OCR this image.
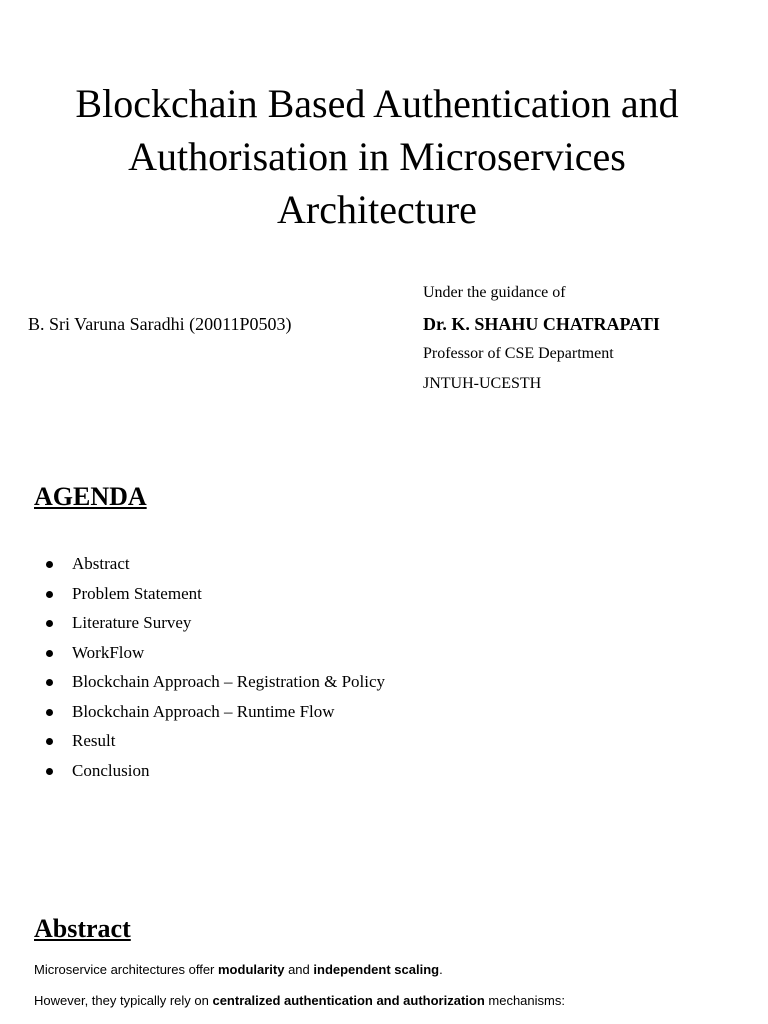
Blockchain Based Authentication and
Authorisation in Microservices
Architecture
B. Sri Varuna Saradhi (20011P0503)
Under the guidance of
Dr. K. SHAHU CHATRAPATI
Professor of CSE Department
JNTUH-UCESTH
AGENDA
Abstract
Problem Statement
Literature Survey
WorkFlow
Blockchain Approach – Registration & Policy
Blockchain Approach – Runtime Flow
Result
Conclusion
Abstract
Microservice architectures offer modularity and independent scaling.
However, they typically rely on centralized authentication and authorization mechanisms:
